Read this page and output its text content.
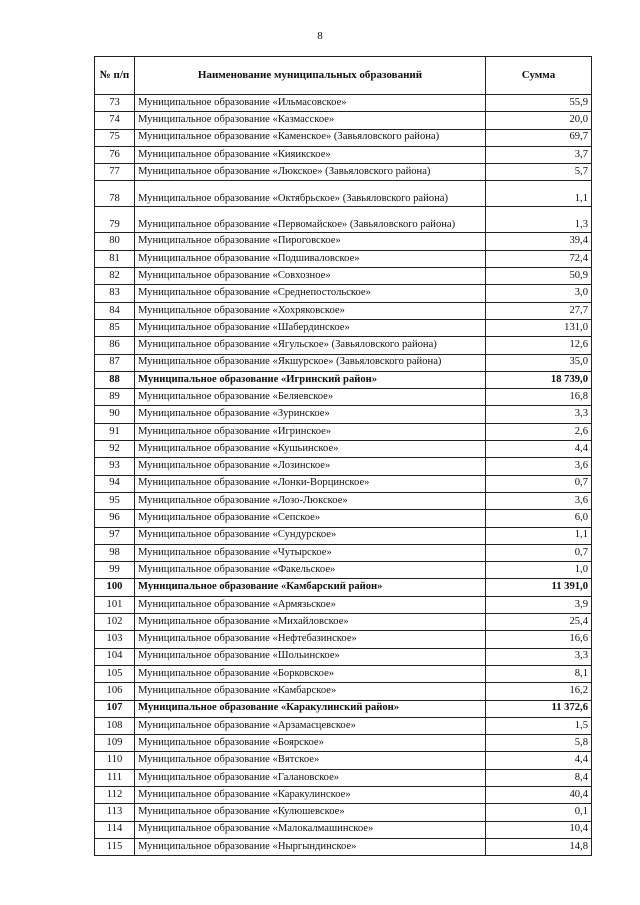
8
№ п/п	Наименование муниципальных образований	Сумма
73	Муниципальное образование «Ильмасовское»	55,9
74	Муниципальное образование «Казмасское»	20,0
75	Муниципальное образование «Каменское» (Завьяловского района)	69,7
76	Муниципальное образование «Кияикское»	3,7
77	Муниципальное образование «Люкское» (Завьяловского района)	5,7
78	Муниципальное образование «Октябрьское» (Завьяловского района)	1,1
79	Муниципальное образование «Первомайское» (Завьяловского района)	1,3
80	Муниципальное образование «Пироговское»	39,4
81	Муниципальное образование «Подшиваловское»	72,4
82	Муниципальное образование «Совхозное»	50,9
83	Муниципальное образование «Среднепостольское»	3,0
84	Муниципальное образование «Хохряковское»	27,7
85	Муниципальное образование «Шабердинское»	131,0
86	Муниципальное образование «Ягульское» (Завьяловского района)	12,6
87	Муниципальное образование «Якшурское» (Завьяловского района)	35,0
88	Муниципальное образование «Игринский район»	18 739,0
89	Муниципальное образование «Беляевское»	16,8
90	Муниципальное образование «Зуринское»	3,3
91	Муниципальное образование «Игринское»	2,6
92	Муниципальное образование «Кушьинское»	4,4
93	Муниципальное образование «Лозинское»	3,6
94	Муниципальное образование «Лонки-Ворцинское»	0,7
95	Муниципальное образование «Лозо-Люкское»	3,6
96	Муниципальное образование «Сепское»	6,0
97	Муниципальное образование «Сундурское»	1,1
98	Муниципальное образование «Чутырское»	0,7
99	Муниципальное образование «Факельское»	1,0
100	Муниципальное образование «Камбарский район»	11 391,0
101	Муниципальное образование «Армязьское»	3,9
102	Муниципальное образование «Михайловское»	25,4
103	Муниципальное образование «Нефтебазинское»	16,6
104	Муниципальное образование «Шольинское»	3,3
105	Муниципальное образование «Борковское»	8,1
106	Муниципальное образование «Камбарское»	16,2
107	Муниципальное образование «Каракулинский район»	11 372,6
108	Муниципальное образование «Арзамасцевское»	1,5
109	Муниципальное образование «Боярское»	5,8
110	Муниципальное образование «Вятское»	4,4
111	Муниципальное образование «Галановское»	8,4
112	Муниципальное образование «Каракулинское»	40,4
113	Муниципальное образование «Кулюшевское»	0,1
114	Муниципальное образование «Малокалмашинское»	10,4
115	Муниципальное образование «Ныргындинское»	14,8
